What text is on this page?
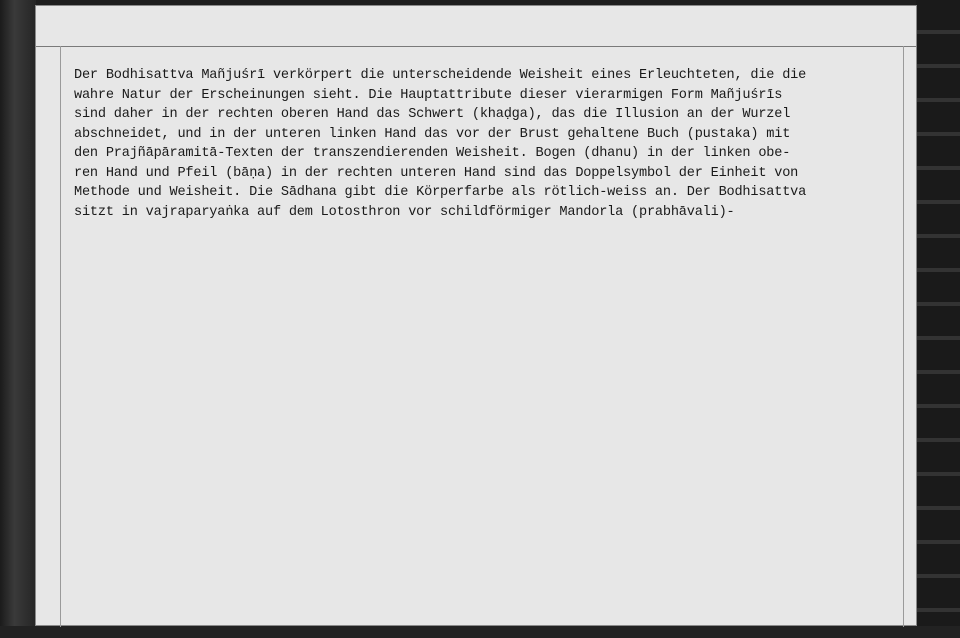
Der Bodhisattva Mañjuśrī verkörpert die unterscheidende Weisheit eines Erleuchteten, die die
wahre Natur der Erscheinungen sieht. Die Hauptattribute dieser vierarmigen Form Mañjuśrīs
sind daher in der rechten oberen Hand das Schwert (khaḍga), das die Illusion an der Wurzel
abschneidet, und in der unteren linken Hand das vor der Brust gehaltene Buch (pustaka) mit
den Prajñāpāramitā-Texten der transzendierenden Weisheit. Bogen (dhanu) in der linken obe-
ren Hand und Pfeil (bāṇa) in der rechten unteren Hand sind das Doppelsymbol der Einheit von
Methode und Weisheit. Die Sādhana gibt die Körperfarbe als rötlich-weiss an. Der Bodhisattva
sitzt in vajraparyaṅka auf dem Lotosthron vor schildförmiger Mandorla (prabhāvali)-
